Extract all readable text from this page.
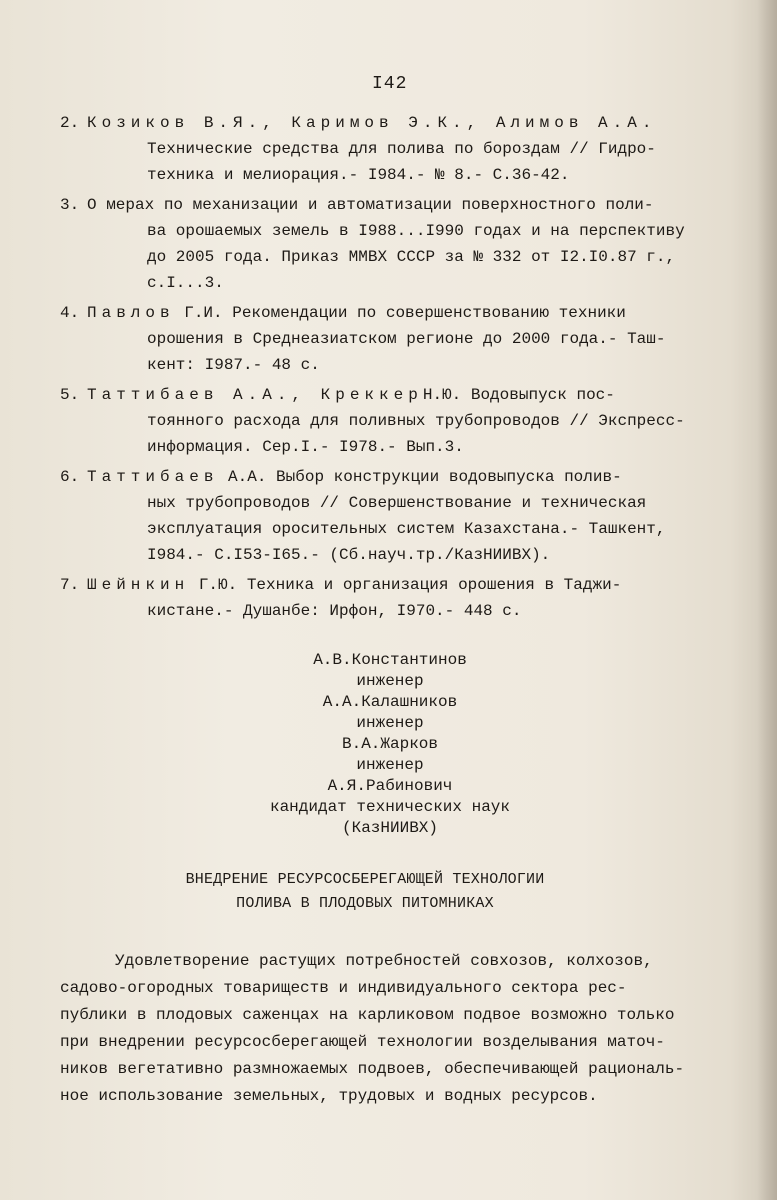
I42
2. Козиков В.Я., Каримов Э.К., Алимов А.А.
Технические средства для полива по бороздам // Гидро-
техника и мелиорация.- I984.- № 8.- С.36-42.
3. О мерах по механизации и автоматизации поверхностного поли-
ва орошаемых земель в I988...I990 годах и на перспективу
до 2005 года. Приказ ММВХ СССР за № 332 от I2.I0.87 г.,
с.I...3.
4. Павлов Г.И. Рекомендации по совершенствованию техники
орошения в Среднеазиатском регионе до 2000 года.- Таш-
кент: I987.- 48 с.
5. Таттибаев А.А., КреккерН.Ю. Водовыпуск пос-
тоянного расхода для поливных трубопроводов // Экспресс-
информация. Сер.I.- I978.- Вып.3.
6. Таттибаев А.А. Выбор конструкции водовыпуска полив-
ных трубопроводов // Совершенствование и техническая
эксплуатация оросительных систем Казахстана.- Ташкент,
I984.- С.I53-I65.- (Сб.науч.тр./КазНИИВХ).
7. Шейнкин Г.Ю. Техника и организация орошения в Таджи-
кистане.- Душанбе: Ирфон, I970.- 448 с.
А.В.Константинов
инженер
А.А.Калашников
инженер
В.А.Жарков
инженер
А.Я.Рабинович
кандидат технических наук
(КазНИИВХ)
ВНЕДРЕНИЕ РЕСУРСОСБЕРЕГАЮЩЕЙ ТЕХНОЛОГИИ
ПОЛИВА В ПЛОДОВЫХ ПИТОМНИКАХ
Удовлетворение растущих потребностей совхозов, колхозов,
садово-огородных товариществ и индивидуального сектора рес-
публики в плодовых саженцах на карликовом подвое возможно только
при внедрении ресурсосберегающей технологии возделывания маточ-
ников вегетативно размножаемых подвоев, обеспечивающей рациональ-
ное использование земельных, трудовых и водных ресурсов.
